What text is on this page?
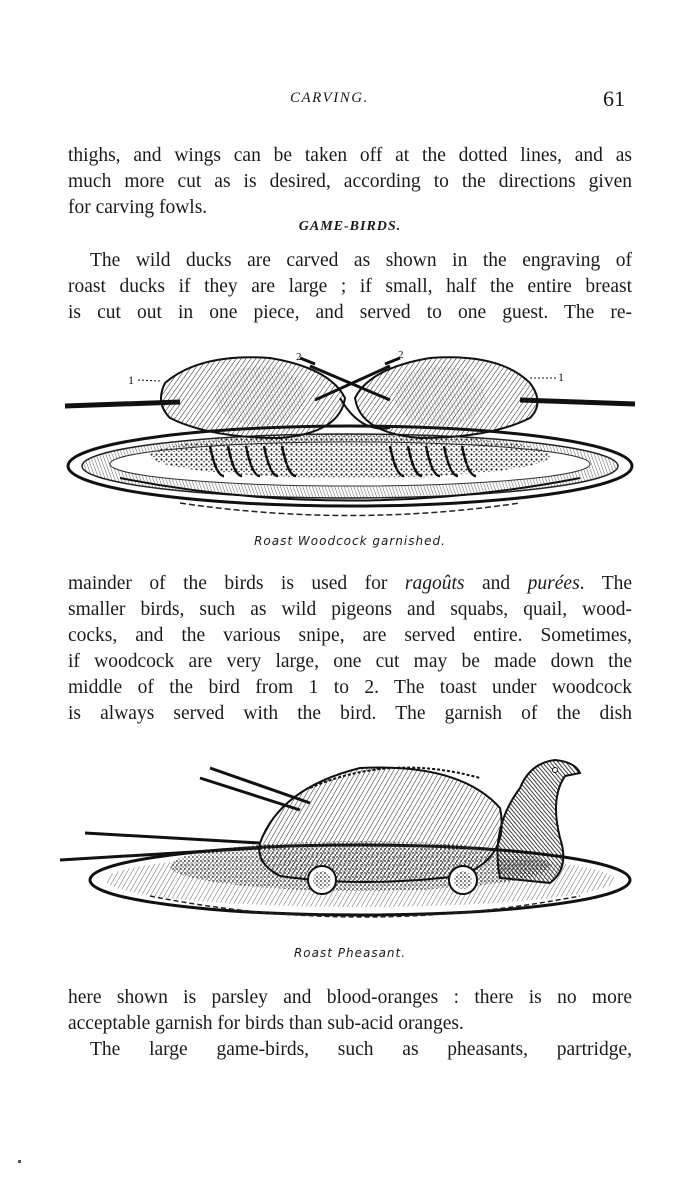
CARVING.	61
thighs, and wings can be taken off at the dotted lines, and as
much more cut as is desired, according to the directions given
for carving fowls.
GAME-BIRDS.
The wild ducks are carved as shown in the engraving of
roast ducks if they are large ; if small, half the entire breast
is cut out in one piece, and served to one guest. The re-
1
2	2
1
Roast Woodcock garnished.
mainder of the birds is used for ragoûts and purées. The
smaller birds, such as wild pigeons and squabs, quail, wood-
cocks, and the various snipe, are served entire. Sometimes,
if woodcock are very large, one cut may be made down the
middle of the bird from 1 to 2. The toast under woodcock
is always served with the bird. The garnish of the dish
Roast Pheasant.
here shown is parsley and blood-oranges : there is no more
acceptable garnish for birds than sub-acid oranges.
The large game-birds, such as pheasants, partridge,
